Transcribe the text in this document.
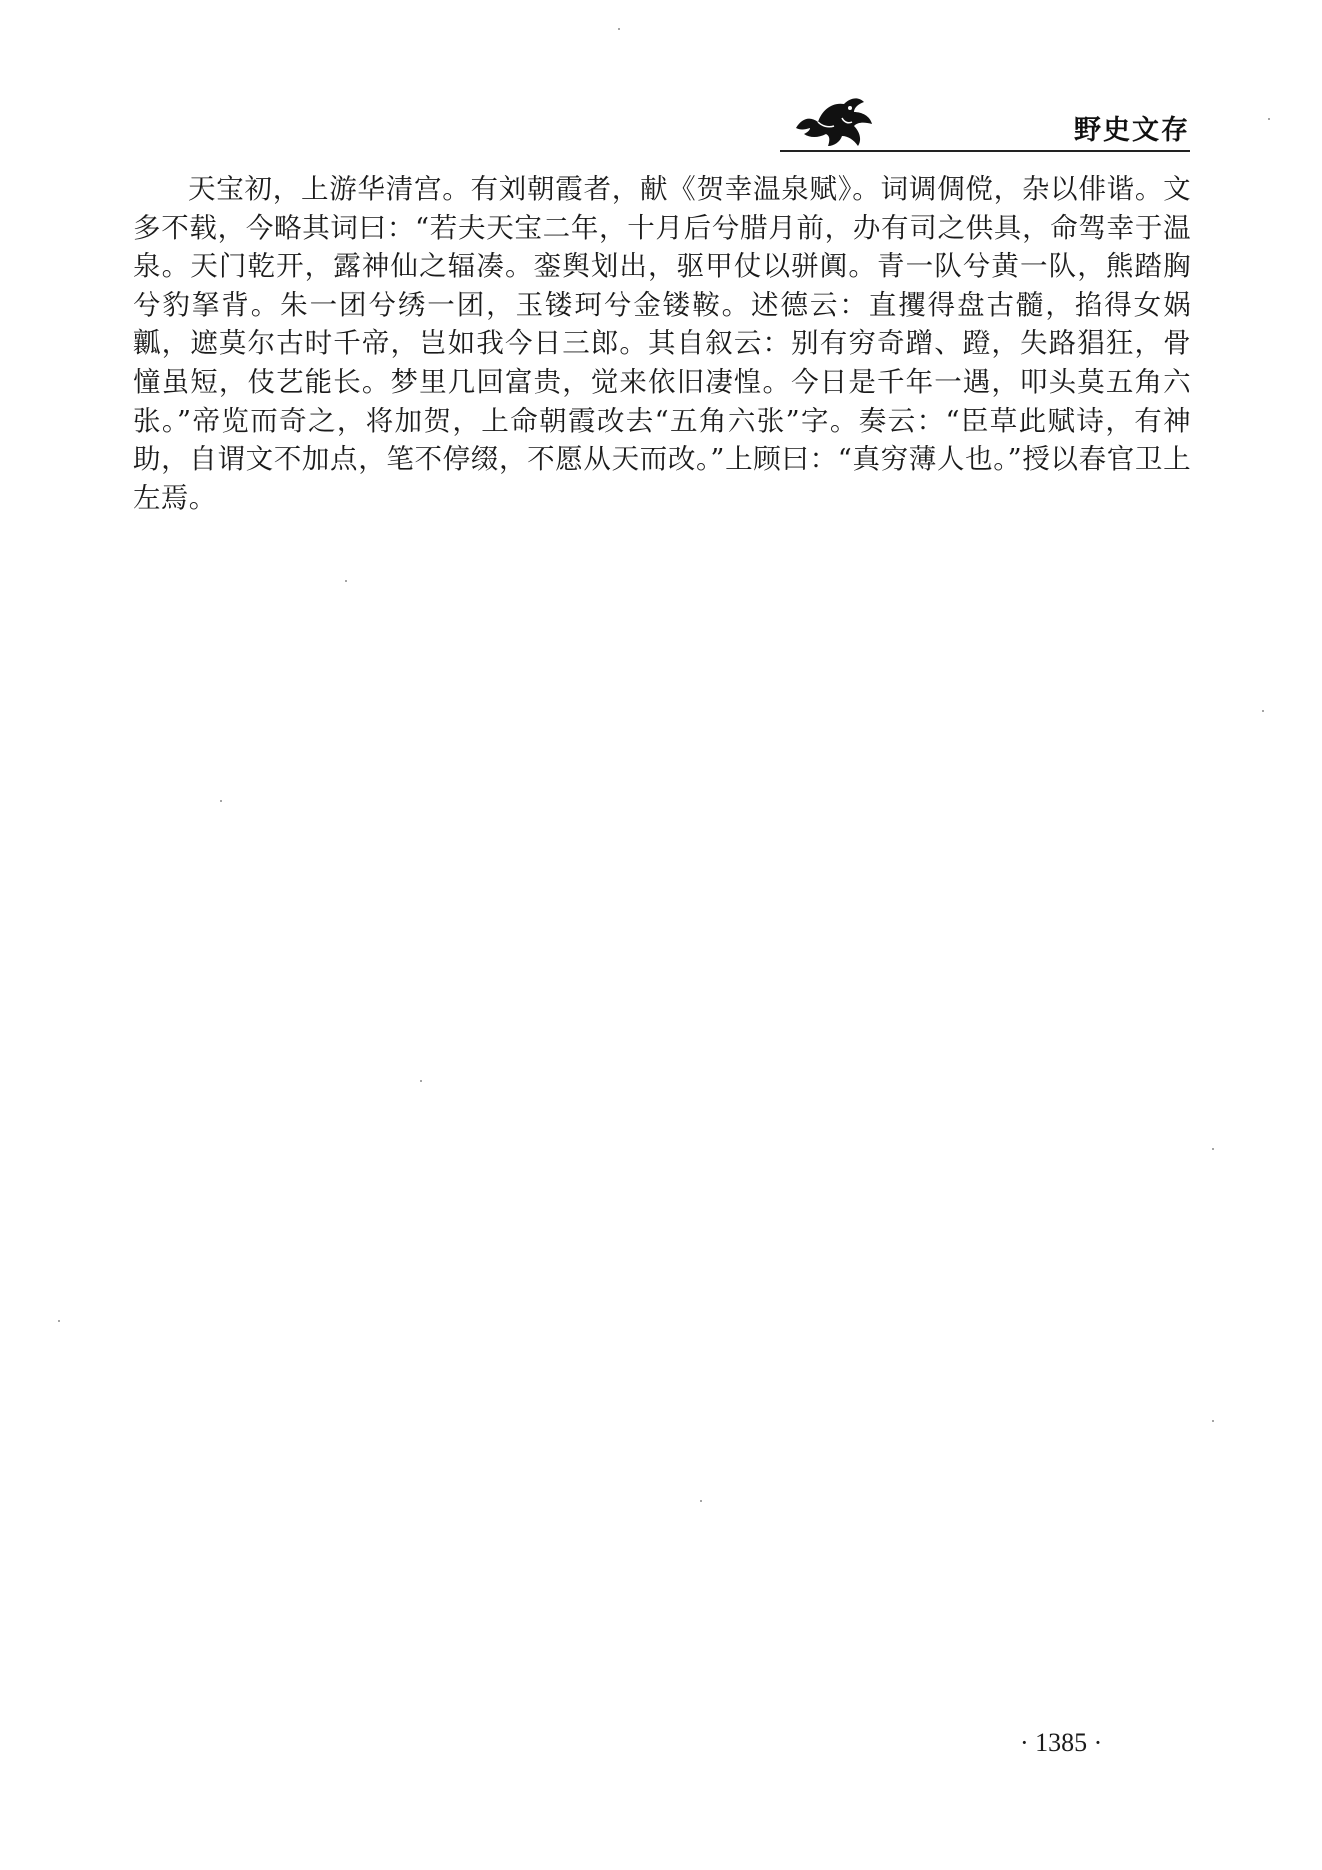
野史文存

天宝初，上游华清宫。有刘朝霞者，献《贺幸温泉赋》。词调倜傥，杂以俳谐。文多不载，今略其词曰：“若夫天宝二年，十月后兮腊月前，办有司之供具，命驾幸于温泉。天门乾开，露神仙之辐凑。銮舆划出，驱甲仗以骈阗。青一队兮黄一队，熊踏胸兮豹拏背。朱一团兮绣一团，玉镂珂兮金镂鞍。述德云：直攫得盘古髓，掐得女娲瓤，遮莫尔古时千帝，岂如我今日三郎。其自叙云：别有穷奇蹭、蹬，失路猖狂，骨憧虽短，伎艺能长。梦里几回富贵，觉来依旧凄惶。今日是千年一遇，叩头莫五角六张。”帝览而奇之，将加贺，上命朝霞改去“五角六张”字。奏云：“臣草此赋诗，有神助，自谓文不加点，笔不停缀，不愿从天而改。”上顾曰：“真穷薄人也。”授以春官卫上左焉。

· 1385 ·
